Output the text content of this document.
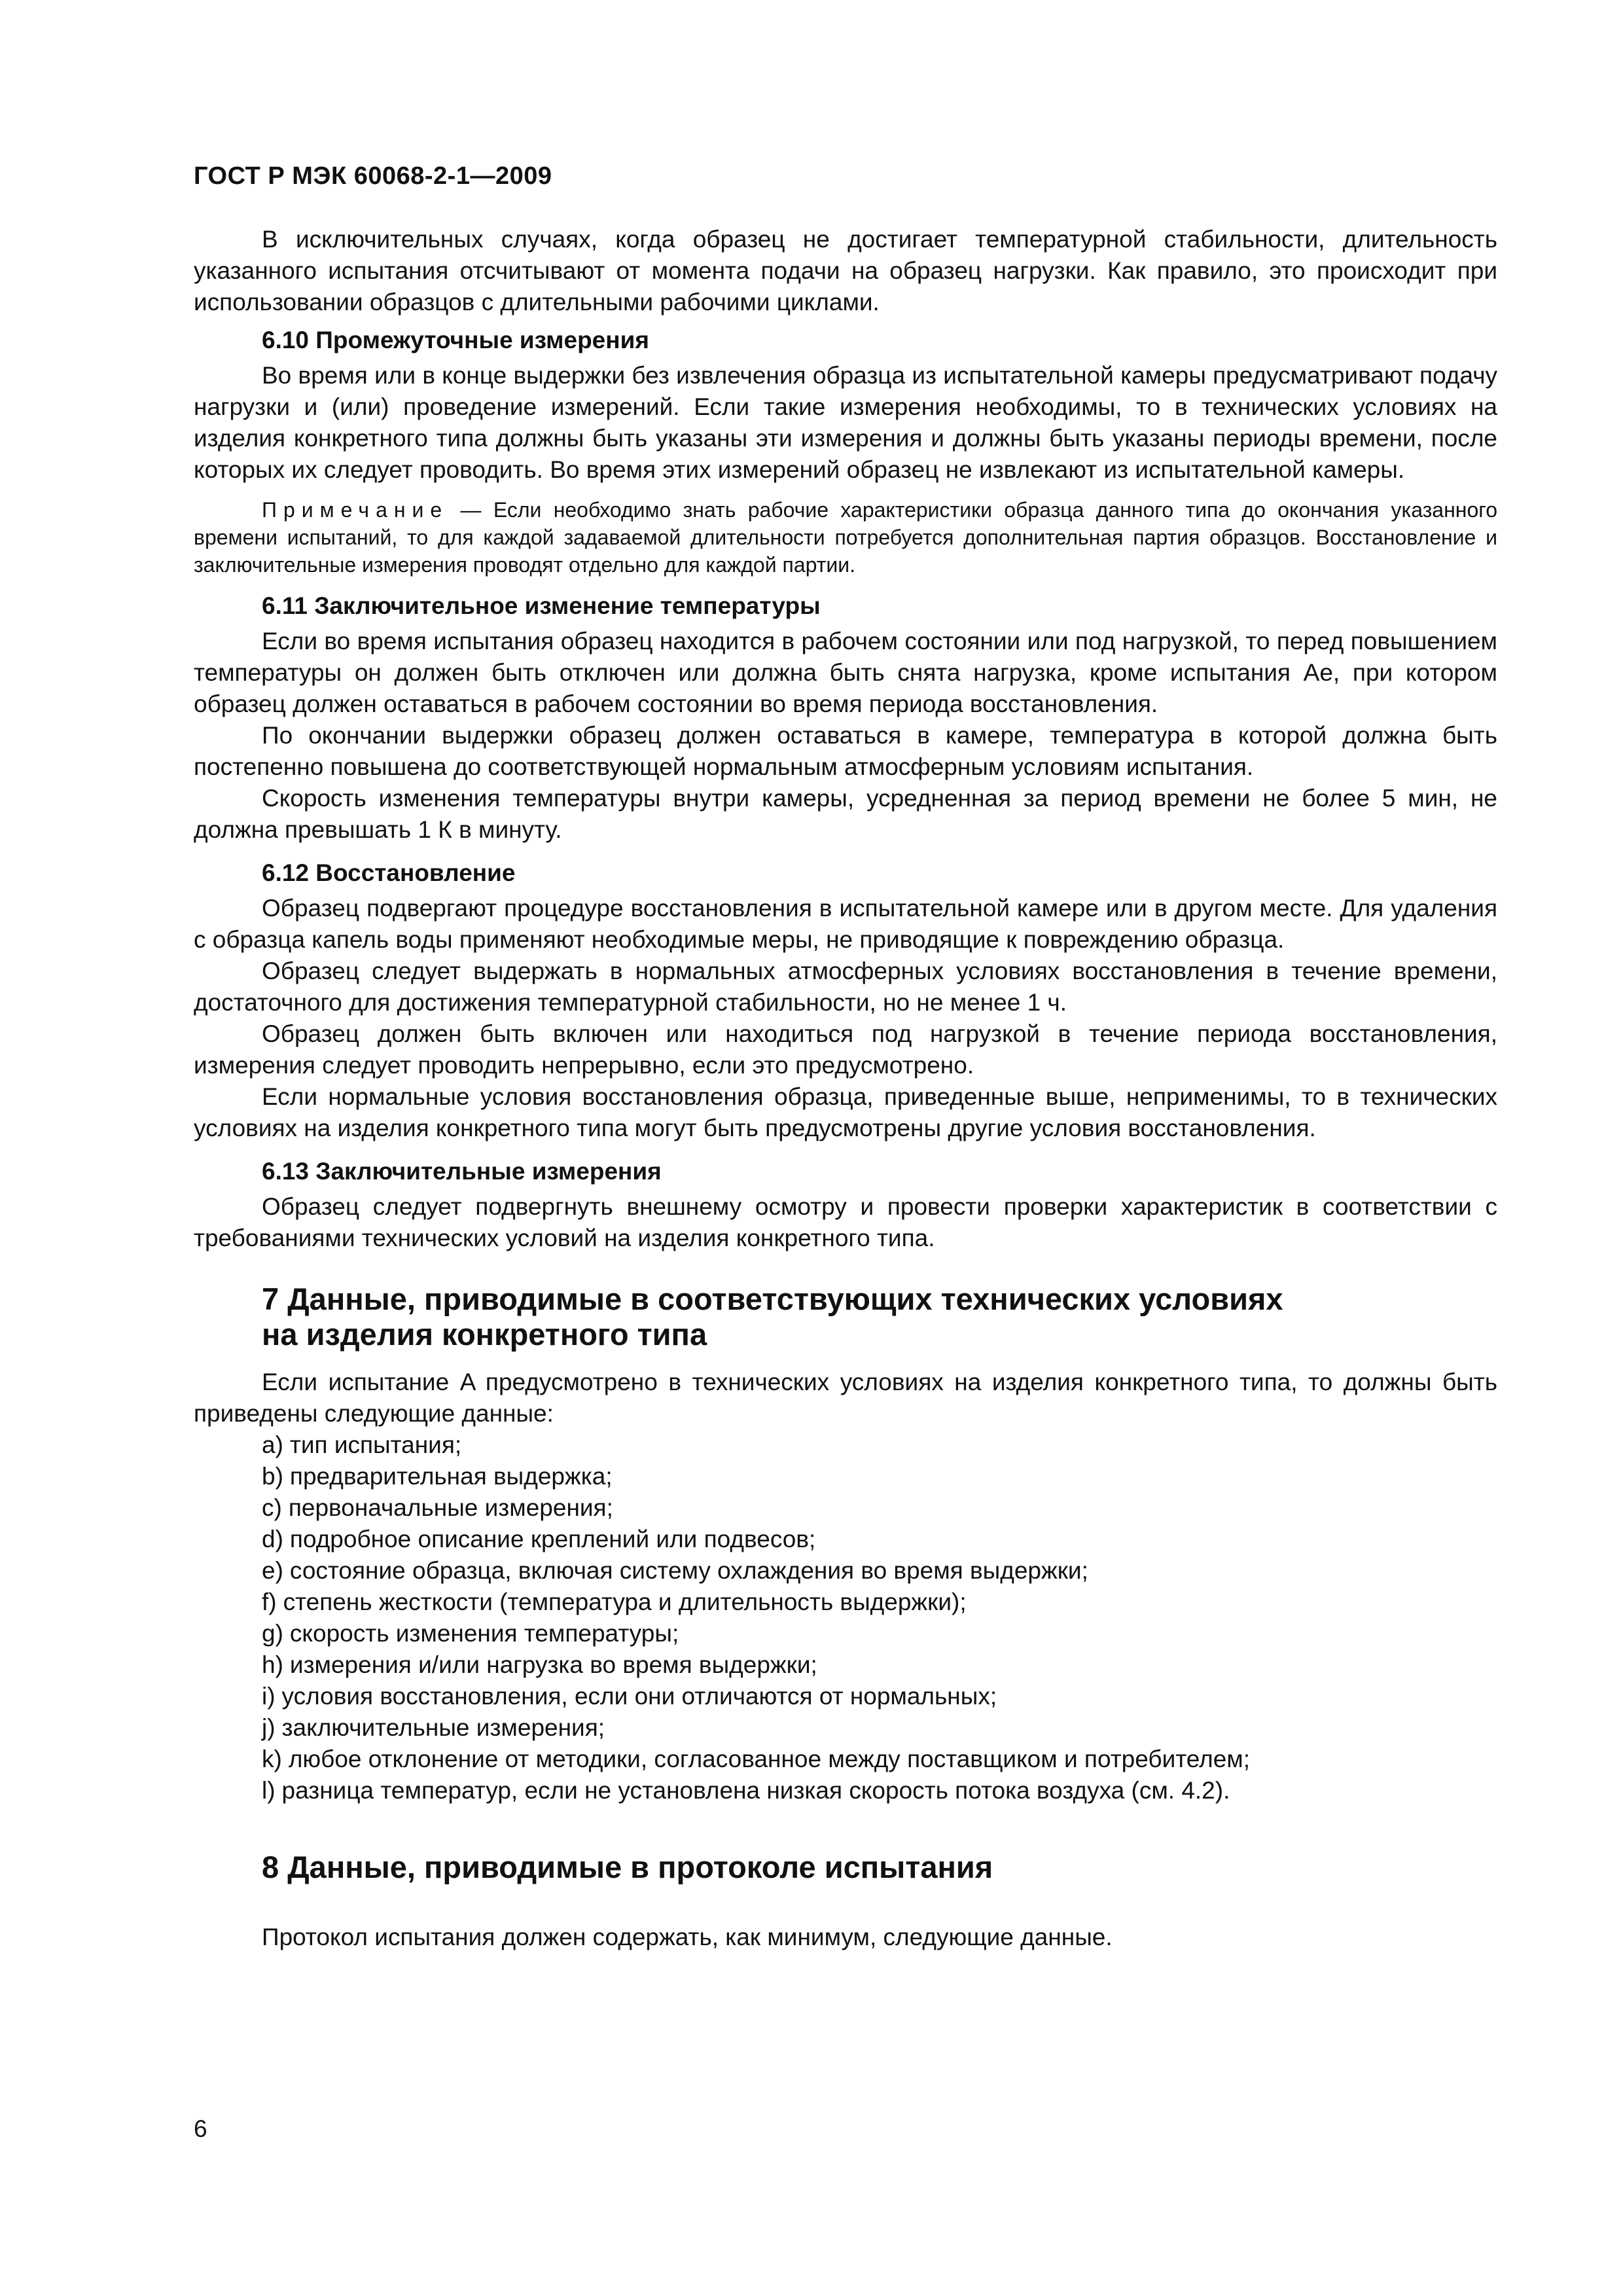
ГОСТ Р МЭК 60068-2-1—2009

В исключительных случаях, когда образец не достигает температурной стабильности, длительность указанного испытания отсчитывают от момента подачи на образец нагрузки. Как правило, это происходит при использовании образцов с длительными рабочими циклами.

6.10 Промежуточные измерения

Во время или в конце выдержки без извлечения образца из испытательной камеры предусматривают подачу нагрузки и (или) проведение измерений. Если такие измерения необходимы, то в технических условиях на изделия конкретного типа должны быть указаны эти измерения и должны быть указаны периоды времени, после которых их следует проводить. Во время этих измерений образец не извлекают из испытательной камеры.

Примечание — Если необходимо знать рабочие характеристики образца данного типа до окончания указанного времени испытаний, то для каждой задаваемой длительности потребуется дополнительная партия образцов. Восстановление и заключительные измерения проводят отдельно для каждой партии.
6.11 Заключительное изменение температуры

Если во время испытания образец находится в рабочем состоянии или под нагрузкой, то перед повышением температуры он должен быть отключен или должна быть снята нагрузка, кроме испытания Ae, при котором образец должен оставаться в рабочем состоянии во время периода восстановления.

По окончании выдержки образец должен оставаться в камере, температура в которой должна быть постепенно повышена до соответствующей нормальным атмосферным условиям испытания.

Скорость изменения температуры внутри камеры, усредненная за период времени не более 5 мин, не должна превышать 1 К в минуту.

6.12 Восстановление

Образец подвергают процедуре восстановления в испытательной камере или в другом месте. Для удаления с образца капель воды применяют необходимые меры, не приводящие к повреждению образца.

Образец следует выдержать в нормальных атмосферных условиях восстановления в течение времени, достаточного для достижения температурной стабильности, но не менее 1 ч.

Образец должен быть включен или находиться под нагрузкой в течение периода восстановления, измерения следует проводить непрерывно, если это предусмотрено.

Если нормальные условия восстановления образца, приведенные выше, неприменимы, то в технических условиях на изделия конкретного типа могут быть предусмотрены другие условия восстановления.

6.13 Заключительные измерения

Образец следует подвергнуть внешнему осмотру и провести проверки характеристик в соответствии с требованиями технических условий на изделия конкретного типа.

7 Данные, приводимые в соответствующих технических условиях
на изделия конкретного типа

Если испытание A предусмотрено в технических условиях на изделия конкретного типа, то должны быть приведены следующие данные:

a) тип испытания;
b) предварительная выдержка;
c) первоначальные измерения;
d) подробное описание креплений или подвесов;
e) состояние образца, включая систему охлаждения во время выдержки;
f) степень жесткости (температура и длительность выдержки);
g) скорость изменения температуры;
h) измерения и/или нагрузка во время выдержки;
i) условия восстановления, если они отличаются от нормальных;
j) заключительные измерения;
k) любое отклонение от методики, согласованное между поставщиком и потребителем;
l) разница температур, если не установлена низкая скорость потока воздуха (см. 4.2).
8 Данные, приводимые в протоколе испытания

Протокол испытания должен содержать, как минимум, следующие данные.

6
